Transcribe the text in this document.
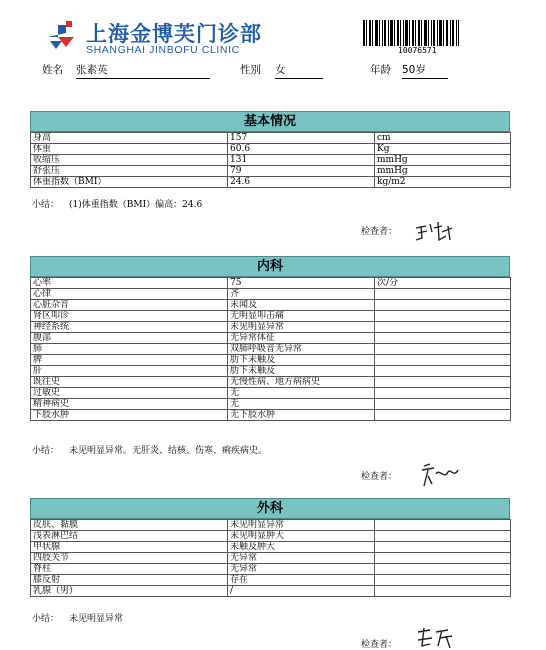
上海金博芙门诊部
SHANGHAI JINBOFU CLINIC	10076571
姓名 张素英	性别 女	年龄 50岁
基本情况
身高	157	cm
体重	60.6	Kg
收缩压	131	mmHg
舒张压	79	mmHg
体重指数（BMI）	24.6	kg/m2
小结： (1)体重指数（BMI）偏高：24.6
检查者：
内科
心率	75	次/分
心律	齐	
心脏杂音	未闻及	
肾区叩诊	无明显叩击痛	
神经系统	未见明显异常	
腹部	无异常体征	
肺	双肺呼吸音无异常	
脾	肋下未触及	
肝	肋下未触及	
既往史	无慢性病、地方病病史	
过敏史	无	
精神病史	无	
下肢水肿	无下肢水肿	
小结： 未见明显异常。无肝炎、结核、伤寒、痢疾病史。
检查者：
外科
皮肤、黏膜	未见明显异常	
浅表淋巴结	未见明显肿大	
甲状腺	未触及肿大	
四肢关节	无异常	
脊柱	无异常	
膝反射	存在	
乳腺（男）	/	
小结： 未见明显异常
检查者：
